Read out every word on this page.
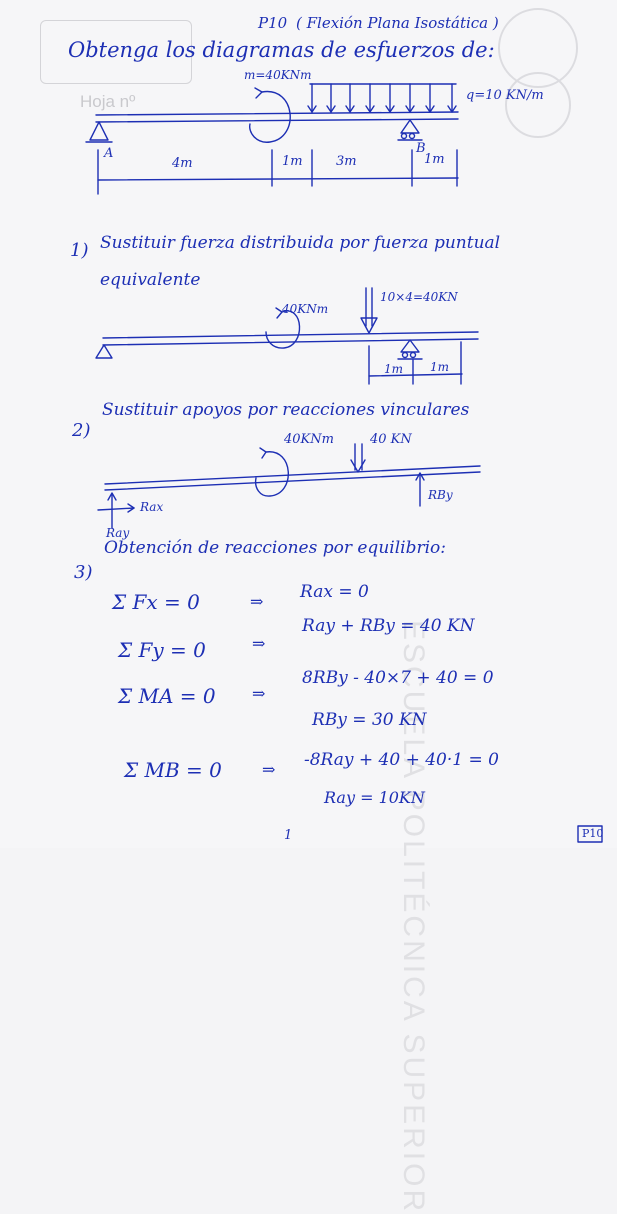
Hoja nº
ESCUELA POLITÉCNICA SUPERIOR
P10 ( Flexión Plana Isostática )
Obtenga los diagramas de esfuerzos de:
m=40KNm
q=10 KN/m
A	B
4m	1m	3m	1m
1) Sustituir fuerza distribuida por fuerza puntual
equivalente
40KNm
10×4=40KN
1m 1m
2)
Sustituir apoyos por reacciones vinculares
40KNm	40 KN
Rax
Ray
RBy
3)
Obtención de reacciones por equilibrio:
Σ Fx = 0	⇒ Rax = 0
Σ Fy = 0	⇒
Ray + RBy = 40 KN
Σ MA = 0 ⇒
8RBy - 40×7 + 40 = 0
RBy = 30 KN
Σ MB = 0	⇒ -8Ray + 40 + 40·1 = 0
Ray = 10KN
1	P10
